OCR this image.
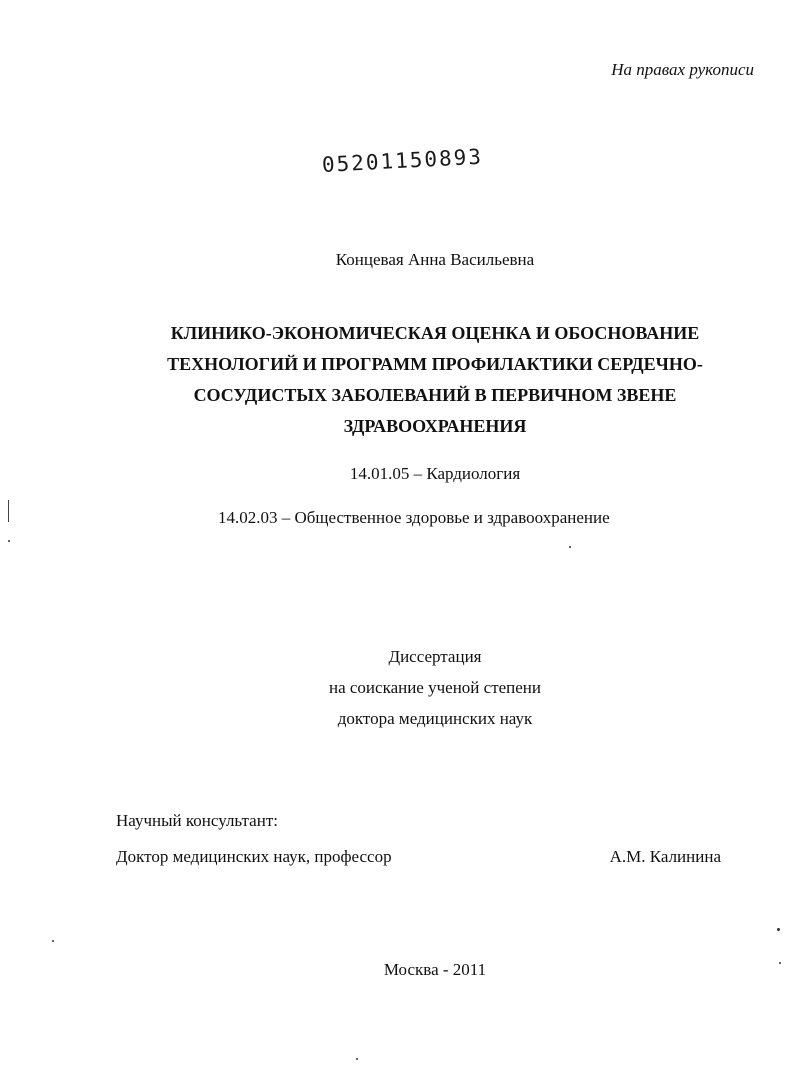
На правах рукописи

05201150893

Концевая Анна Васильевна

КЛИНИКО-ЭКОНОМИЧЕСКАЯ ОЦЕНКА И ОБОСНОВАНИЕ
ТЕХНОЛОГИЙ И ПРОГРАММ ПРОФИЛАКТИКИ СЕРДЕЧНО-
СОСУДИСТЫХ ЗАБОЛЕВАНИЙ В ПЕРВИЧНОМ ЗВЕНЕ
ЗДРАВООХРАНЕНИЯ

14.01.05 – Кардиология

14.02.03 – Общественное здоровье и здравоохранение

Диссертация
на соискание ученой степени
доктора медицинских наук

Научный консультант:

Доктор медицинских наук, профессор	А.М. Калинина

Москва - 2011
